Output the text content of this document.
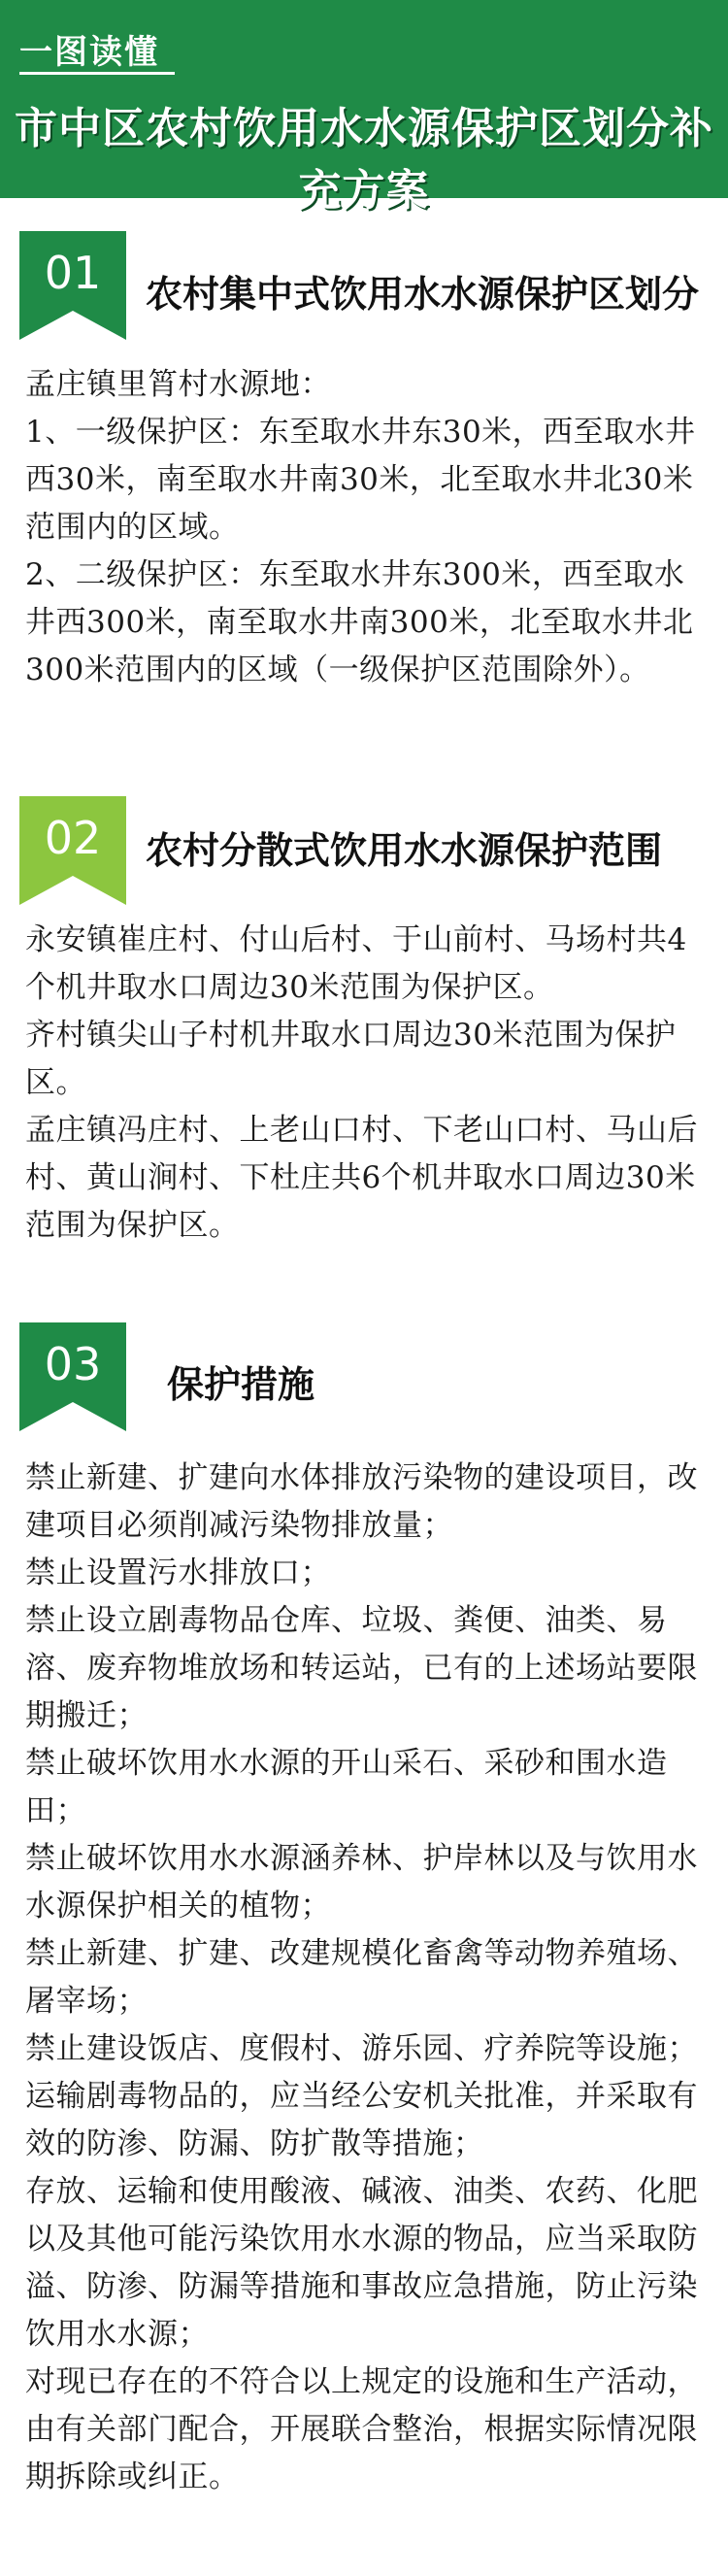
一图读懂
市中区农村饮用水水源保护区划分补充方案
01	农村集中式饮用水水源保护区划分
孟庄镇里筲村水源地：
1、一级保护区：东至取水井东30米，西至取水井西30米，南至取水井南30米，北至取水井北30米范围内的区域。
2、二级保护区：东至取水井东300米，西至取水井西300米，南至取水井南300米，北至取水井北300米范围内的区域（一级保护区范围除外）。
02	农村分散式饮用水水源保护范围
永安镇崔庄村、付山后村、于山前村、马场村共4个机井取水口周边30米范围为保护区。
齐村镇尖山子村机井取水口周边30米范围为保护区。
孟庄镇冯庄村、上老山口村、下老山口村、马山后村、黄山涧村、下杜庄共6个机井取水口周边30米范围为保护区。
03	保护措施
禁止新建、扩建向水体排放污染物的建设项目，改建项目必须削减污染物排放量；
禁止设置污水排放口；
禁止设立剧毒物品仓库、垃圾、粪便、油类、易溶、废弃物堆放场和转运站，已有的上述场站要限期搬迁；
禁止破坏饮用水水源的开山采石、采砂和围水造田；
禁止破坏饮用水水源涵养林、护岸林以及与饮用水水源保护相关的植物；
禁止新建、扩建、改建规模化畜禽等动物养殖场、屠宰场；
禁止建设饭店、度假村、游乐园、疗养院等设施；
运输剧毒物品的，应当经公安机关批准，并采取有效的防渗、防漏、防扩散等措施；
存放、运输和使用酸液、碱液、油类、农药、化肥以及其他可能污染饮用水水源的物品，应当采取防溢、防渗、防漏等措施和事故应急措施，防止污染饮用水水源；
对现已存在的不符合以上规定的设施和生产活动，由有关部门配合，开展联合整治，根据实际情况限期拆除或纠正。
